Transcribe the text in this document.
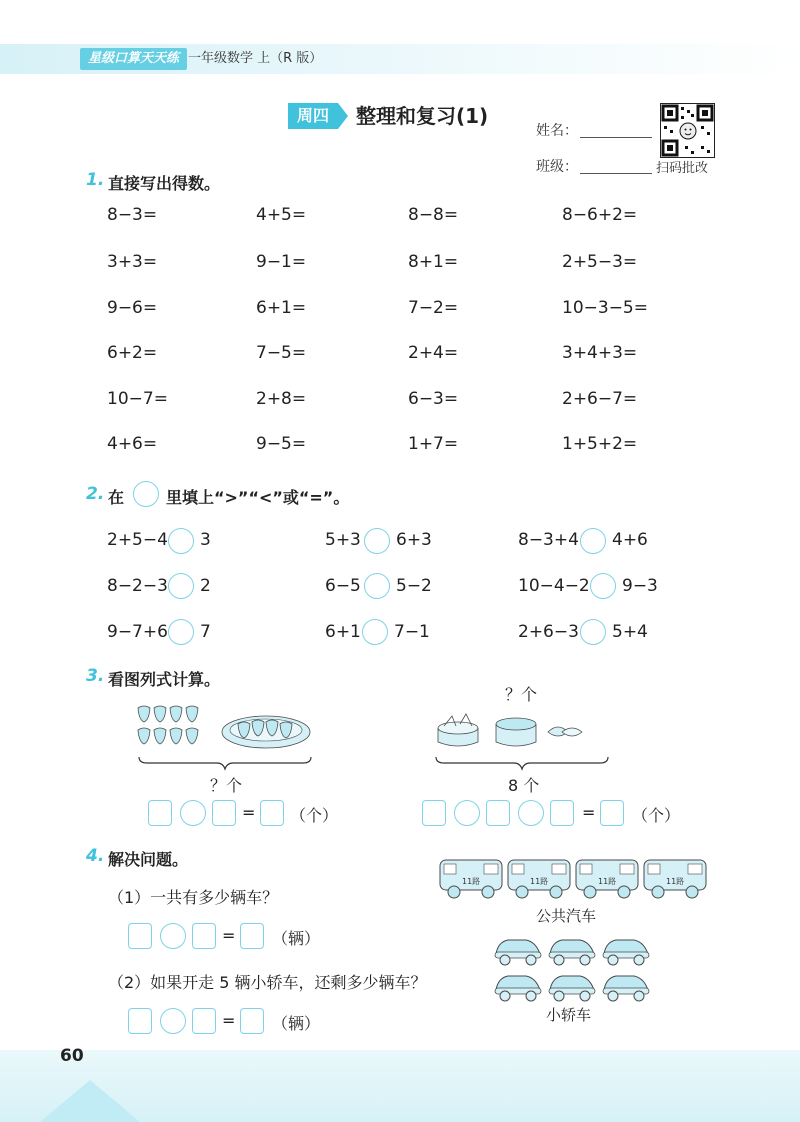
星级口算天天练 一年级数学 上（R 版）
周四	整理和复习(1)
姓名：
班级：	扫码批改
1. 直接写出得数。
8−3=	4+5=	8−8=	8−6+2=
3+3=	9−1=	8+1=	2+5−3=
9−6=	6+1=	7−2=	10−3−5=
6+2=	7−5=	2+4=	3+4+3=
10−7=	2+8=	6−3=	2+6−7=
4+6=	9−5=	1+7=	1+5+2=
2. 在	里填上“>”“<”或“=”。
2+5−4 3	5+3 6+3	8−3+4 4+6
8−2−3 2	6−5 5−2	10−4−2 9−3
9−7+6 7	6+1 7−1	2+6−3 5+4
3. 看图列式计算。
？个
= （个）
？个
8 个
= （个）
4. 解决问题。
（1）一共有多少辆车？
= （辆）
（2）如果开走 5 辆小轿车，还剩多少辆车？
= （辆）
11路	11路	11路	11路
公共汽车
小轿车
60
